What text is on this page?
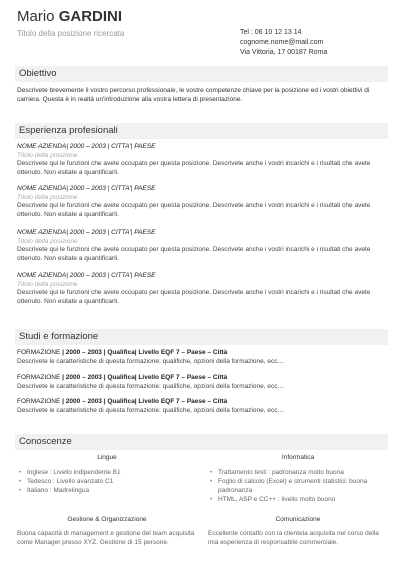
Mario GARDINI
Titolo della posizione ricercata	Tel : 06 10 12 13 14
cognome.nome@mail.com
Via Vittoria, 17 00187 Roma
Obiettivo
Descrivete brevemente il vostro percorso professionale, le vostre competenze chiave per la posizione ed i vostri obiettivi di carriera. Questa è in realtà un'introduzione alla vostra lettera di presentazione.
Esperienza profesionali
NOME AZIENDA| 2000 – 2003 | CITTA'| PAESE
Titolo della posizione
Descrivete qui le funzioni che avete occupato per questa posizione. Descrivete anche i vostri incarichi e i risultati che avete ottenuto. Non esitate a quantificarli.
NOME AZIENDA| 2000 – 2003 | CITTA'| PAESE
Titolo della posizione
Descrivete qui le funzioni che avete occupato per questa posizione. Descrivete anche i vostri incarichi e i risultati che avete ottenuto. Non esitate a quantificarli.
NOME AZIENDA| 2000 – 2003 | CITTA'| PAESE
Titolo della posizione
Descrivete qui le funzioni che avete occupato per questa posizione. Descrivete anche i vostri incarichi e i risultati che avete ottenuto. Non esitate a quantificarli.
NOME AZIENDA| 2000 – 2003 | CITTA'| PAESE
Titolo della posizione
Descrivete qui le funzioni che avete occupato per questa posizione. Descrivete anche i vostri incarichi e i risultati che avete ottenuto. Non esitate a quantificarli.
Studi e formazione
FORMAZIONE | 2000 – 2003 | Qualifica| Livello EQF 7 – Paese – Città
Descrivete le caratteristiche di questa formazione: qualifiche, opzioni della formazione, ecc…
FORMAZIONE | 2000 – 2003 | Qualifica| Livello EQF 7 – Paese – Città
Descrivete le caratteristiche di questa formazione: qualifiche, opzioni della formazione, ecc…
FORMAZIONE | 2000 – 2003 | Qualifica| Livello EQF 7 – Paese – Città
Descrivete le caratteristiche di questa formazione: qualifiche, opzioni della formazione, ecc…
Conoscenze
Lingue
• Inglese : Livello indipendente B1
• Tedesco : Livello avanzato C1
• Italiano : Madrelingua
Informatica
• Trattamento testi : padronanza molto buona
• Foglio di calcolo (Excel) e strumenti statistici: buona padronanza
• HTML, ASP e CC++ : livello molto buono
Gestione & Organizzazione
Buona capacità di management e gestione del team acquisita come Manager presso XYZ. Gestione di 15 persone.
Comunicazione
Eccellente contatto con la clientela acquisita nel corso della mia esperienza di responsabile commerciale.
